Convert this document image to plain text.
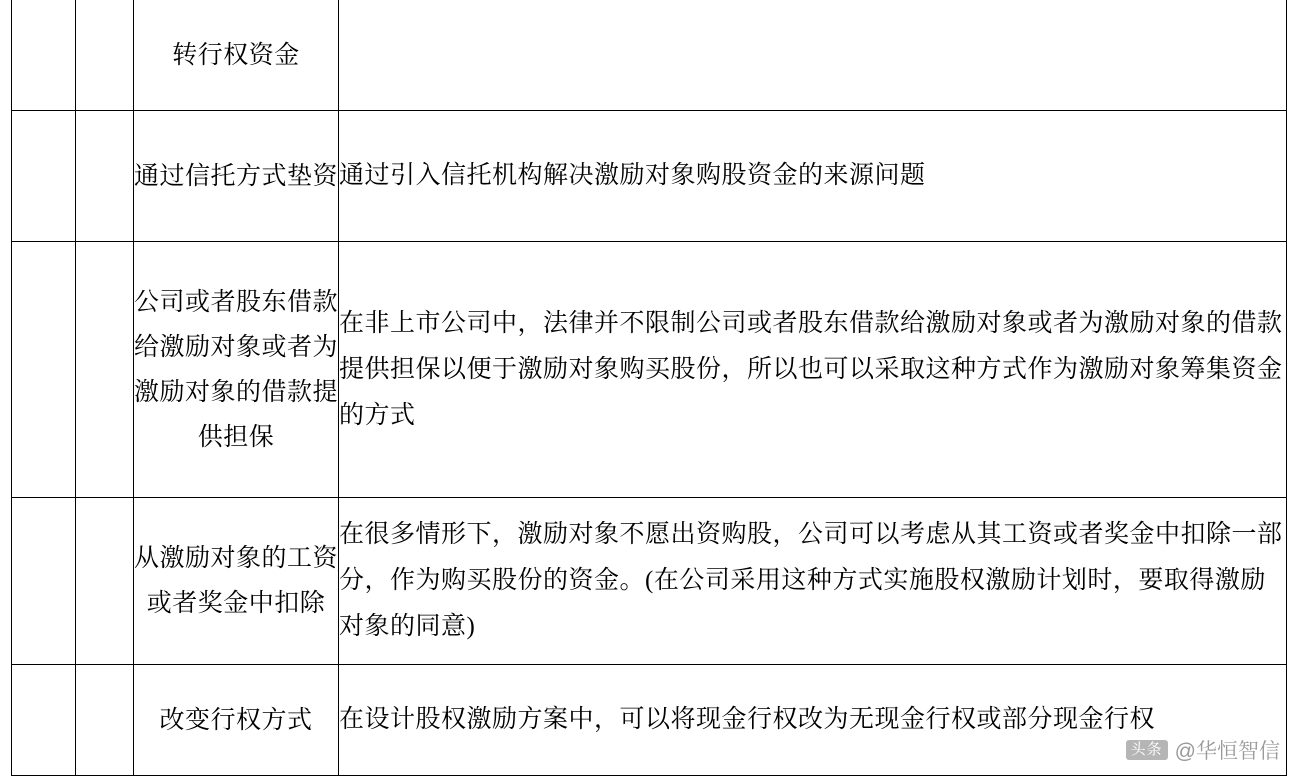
		转行权资金	
		通过信托方式垫资	通过引入信托机构解决激励对象购股资金的来源问题
		公司或者股东借款给激励对象或者为激励对象的借款提供担保	在非上市公司中，法律并不限制公司或者股东借款给激励对象或者为激励对象的借款提供担保以便于激励对象购买股份，所以也可以采取这种方式作为激励对象筹集资金的方式
		从激励对象的工资或者奖金中扣除	在很多情形下，激励对象不愿出资购股，公司可以考虑从其工资或者奖金中扣除一部分，作为购买股份的资金。(在公司采用这种方式实施股权激励计划时，要取得激励对象的同意)
		改变行权方式	在设计股权激励方案中，可以将现金行权改为无现金行权或部分现金行权
头条 @华恒智信
